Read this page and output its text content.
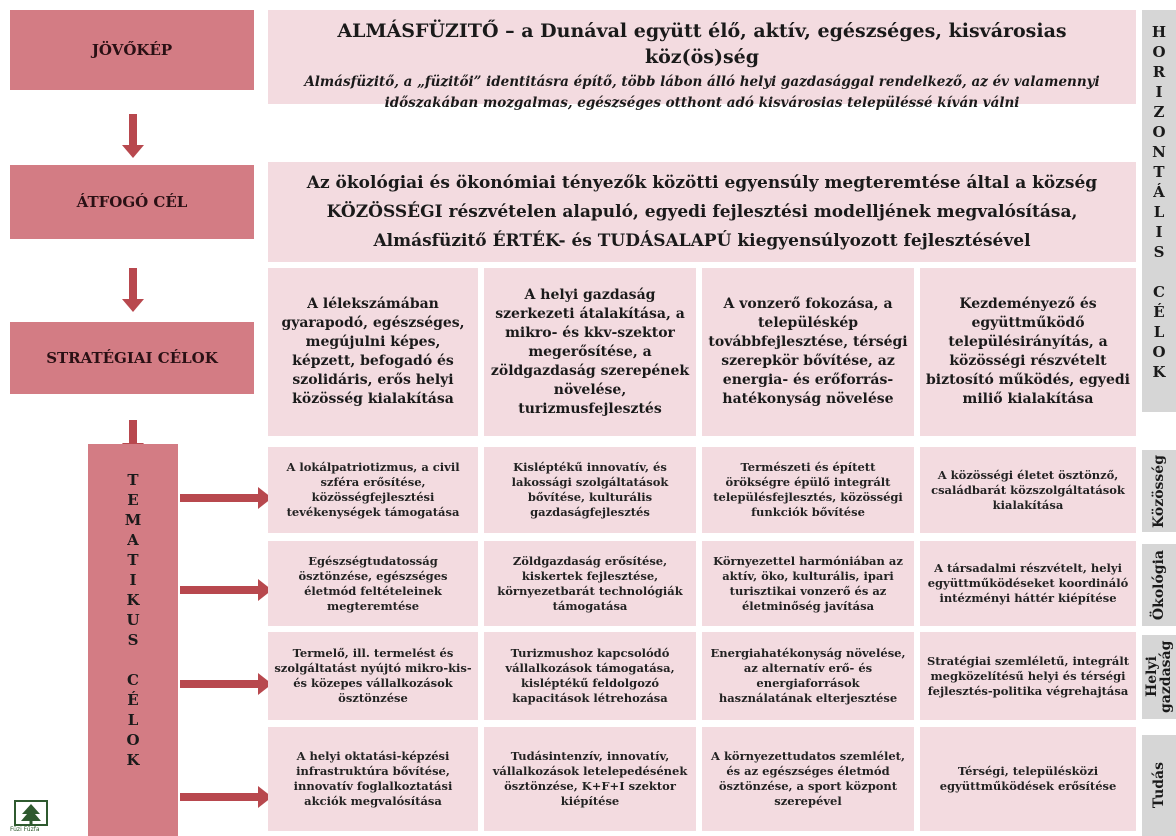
JÖVŐKÉP
ALMÁSFÜZITŐ – a Dunával együtt élő, aktív, egészséges, kisvárosias köz(ös)ség
Almásfüzitő, a „füzitői” identitásra építő, több lábon álló helyi gazdasággal rendelkező, az év valamennyi időszakában mozgalmas, egészséges otthont adó kisvárosias településsé kíván válni
ÁTFOGÓ CÉL
Az ökológiai és ökonómiai tényezők közötti egyensúly megteremtése által a község
KÖZÖSSÉGI részvételen alapuló, egyedi fejlesztési modelljének megvalósítása,
Almásfüzitő ÉRTÉK- és TUDÁSALAPÚ kiegyensúlyozott fejlesztésével
STRATÉGIAI CÉLOK
A lélekszámában gyarapodó, egészséges, megújulni képes, képzett, befogadó és szolidáris, erős helyi közösség kialakítása
A helyi gazdaság szerkezeti átalakítása, a mikro- és kkv-szektor megerősítése, a zöldgazdaság szerepének növelése, turizmusfejlesztés
A vonzerő fokozása, a településkép továbbfejlesztése, térségi szerepkör bővítése, az energia- és erőforrás-hatékonyság növelése
Kezdeményező és együttműködő településirányítás, a közösségi részvételt biztosító működés, egyedi miliő kialakítása
T
E
M
A
T
I
K
U
S
C
É
L
O
K
A lokálpatriotizmus, a civil szféra erősítése, közösségfejlesztési tevékenységek támogatása
Kisléptékű innovatív, és lakossági szolgáltatások bővítése, kulturális gazdaságfejlesztés
Természeti és épített örökségre épülő integrált településfejlesztés, közösségi funkciók bővítése
A közösségi életet ösztönző, családbarát közszolgáltatások kialakítása	Közösség
Egészségtudatosság ösztönzése, egészséges életmód feltételeinek megteremtése
Zöldgazdaság erősítése, kiskertek fejlesztése, környezetbarát technológiák támogatása
Környezettel harmóniában az aktív, öko, kulturális, ipari turisztikai vonzerő és az életminőség javítása
A társadalmi részvételt, helyi együttműködéseket koordináló intézményi háttér kiépítése	Ökológia
Termelő, ill. termelést és szolgáltatást nyújtó mikro-kis- és közepes vállalkozások ösztönzése
Turizmushoz kapcsolódó vállalkozások támogatása, kisléptékű feldolgozó kapacitások létrehozása
Energiahatékonyság növelése, az alternatív erő- és energiaforrások használatának elterjesztése
Stratégiai szemléletű, integrált megközelítésű helyi és térségi fejlesztés-politika végrehajtása Helyi gazdaság
A helyi oktatási-képzési infrastruktúra bővítése, innovatív foglalkoztatási akciók megvalósítása
Tudásintenzív, innovatív, vállalkozások letelepedésének ösztönzése, K+F+I szektor kiépítése
A környezettudatos szemlélet, és az egészséges életmód ösztönzése, a sport központ szerepével
Térségi, településközi együttműködések erősítése	Tudás
H
O
R
I
Z
O
N
T
Á
L
I
S
C
É
L
O
K
Füzi Fűzfa
